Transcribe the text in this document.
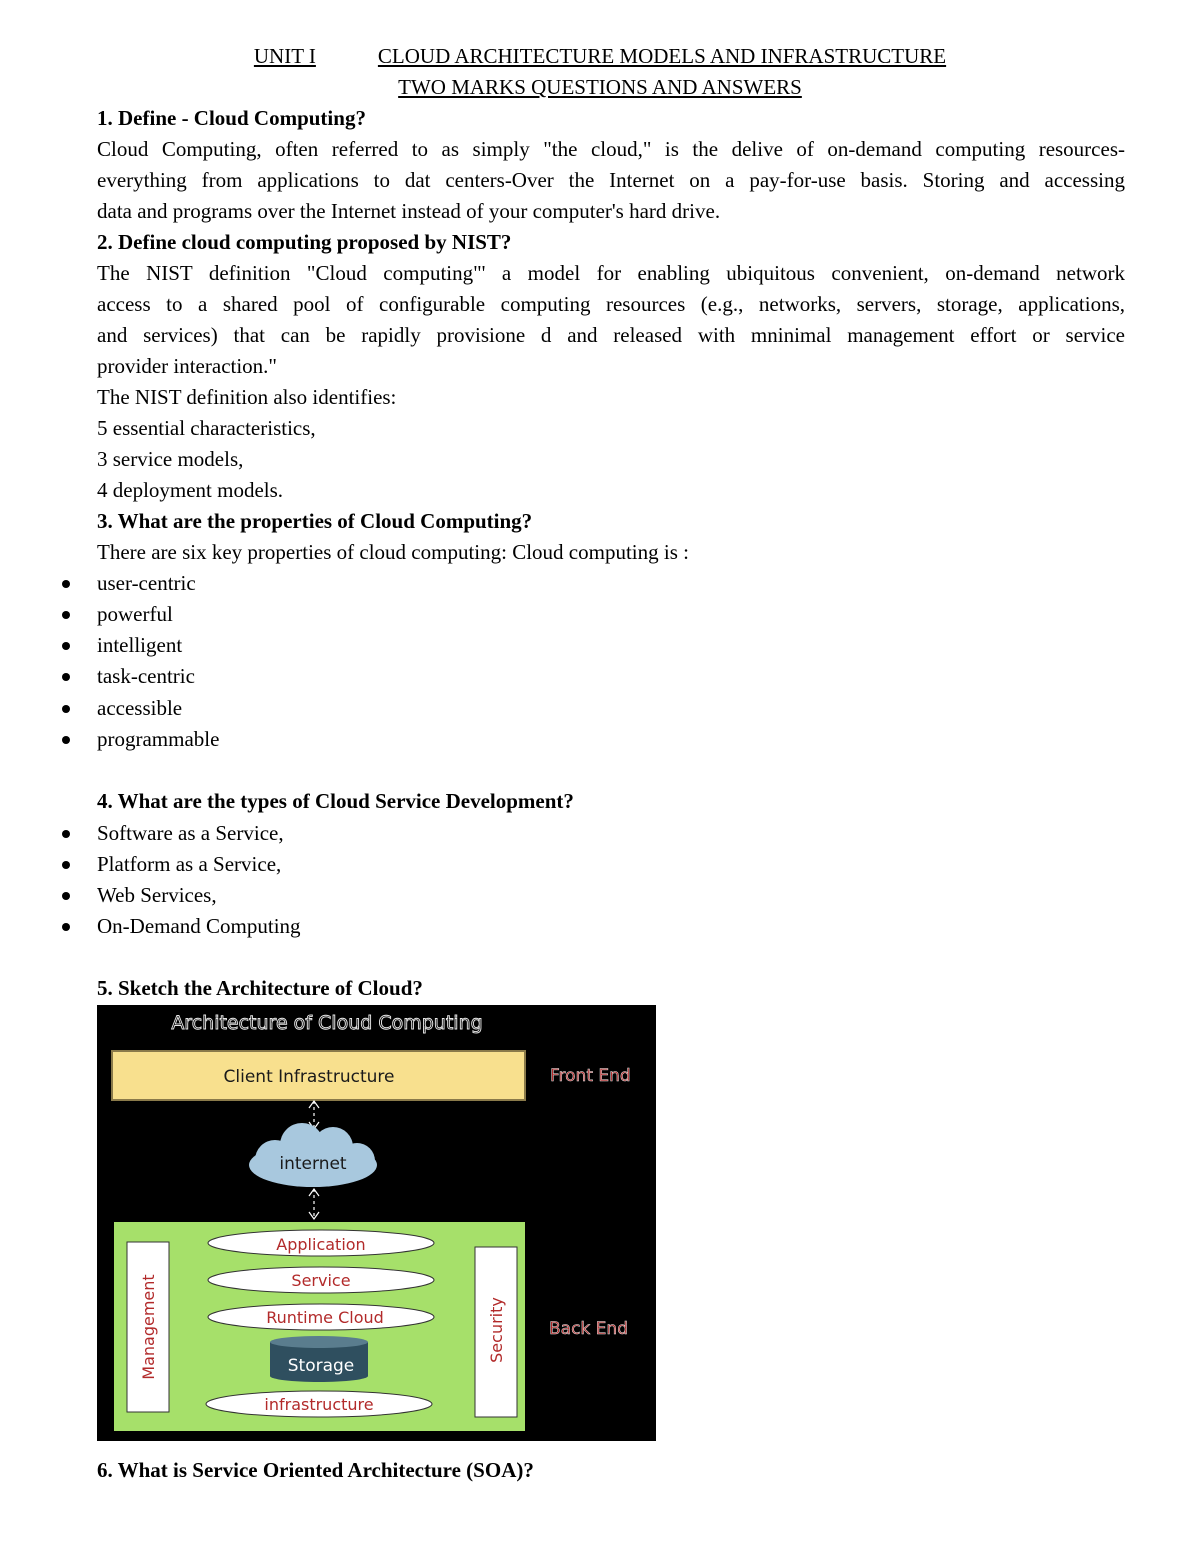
UNIT I	CLOUD ARCHITECTURE MODELS AND INFRASTRUCTURE
TWO MARKS QUESTIONS AND ANSWERS
1. Define - Cloud Computing?
Cloud Computing, often referred to as simply "the cloud," is the delive of on-demand computing resources-
everything from applications to dat centers-Over the Internet on a pay-for-use basis. Storing and accessing
data and programs over the Internet instead of your computer's hard drive.
2. Define cloud computing proposed by NIST?
The NIST definition "Cloud computing"' a model for enabling ubiquitous convenient, on-demand network
access to a shared pool of configurable computing resources (e.g., networks, servers, storage, applications,
and services) that can be rapidly provisione d and released with mninimal management effort or service
provider interaction."
The NIST definition also identifies:
5 essential characteristics,
3 service models,
4 deployment models.
3. What are the properties of Cloud Computing?
There are six key properties of cloud computing: Cloud computing is :
user-centric
powerful
intelligent
task-centric
accessible
programmable
4. What are the types of Cloud Service Development?
Software as a Service,
Platform as a Service,
Web Services,
On-Demand Computing
5. Sketch the Architecture of Cloud?
Architecture of Cloud Computing
Client Infrastructure	Front End
internet
Management	Security
Application
Service
Runtime Cloud
Storage
infrastructure
Back End
6. What is Service Oriented Architecture (SOA)?
